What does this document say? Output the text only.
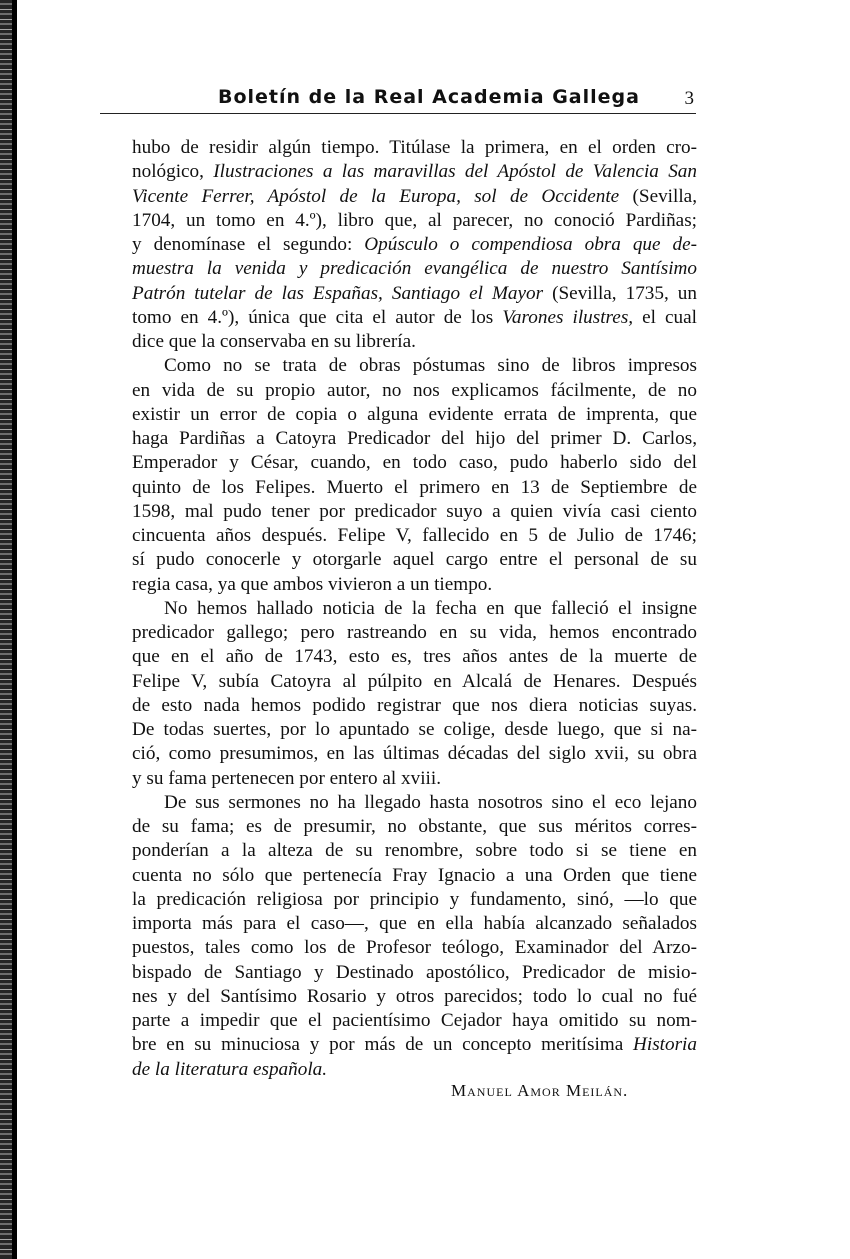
Boletín de la Real Academia Gallega 3
hubo de residir algún tiempo. Titúlase la primera, en el orden cro-
nológico, Ilustraciones a las maravillas del Apóstol de Valencia San
Vicente Ferrer, Apóstol de la Europa, sol de Occidente (Sevilla,
1704, un tomo en 4.º), libro que, al parecer, no conoció Pardiñas;
y denomínase el segundo: Opúsculo o compendiosa obra que de-
muestra la venida y predicación evangélica de nuestro Santísimo
Patrón tutelar de las Españas, Santiago el Mayor (Sevilla, 1735, un
tomo en 4.º), única que cita el autor de los Varones ilustres, el cual
dice que la conservaba en su librería.
Como no se trata de obras póstumas sino de libros impresos
en vida de su propio autor, no nos explicamos fácilmente, de no
existir un error de copia o alguna evidente errata de imprenta, que
haga Pardiñas a Catoyra Predicador del hijo del primer D. Carlos,
Emperador y César, cuando, en todo caso, pudo haberlo sido del
quinto de los Felipes. Muerto el primero en 13 de Septiembre de
1598, mal pudo tener por predicador suyo a quien vivía casi ciento
cincuenta años después. Felipe V, fallecido en 5 de Julio de 1746;
sí pudo conocerle y otorgarle aquel cargo entre el personal de su
regia casa, ya que ambos vivieron a un tiempo.
No hemos hallado noticia de la fecha en que falleció el insigne
predicador gallego; pero rastreando en su vida, hemos encontrado
que en el año de 1743, esto es, tres años antes de la muerte de
Felipe V, subía Catoyra al púlpito en Alcalá de Henares. Después
de esto nada hemos podido registrar que nos diera noticias suyas.
De todas suertes, por lo apuntado se colige, desde luego, que si na-
ció, como presumimos, en las últimas décadas del siglo xvii, su obra
y su fama pertenecen por entero al xviii.
De sus sermones no ha llegado hasta nosotros sino el eco lejano
de su fama; es de presumir, no obstante, que sus méritos corres-
ponderían a la alteza de su renombre, sobre todo si se tiene en
cuenta no sólo que pertenecía Fray Ignacio a una Orden que tiene
la predicación religiosa por principio y fundamento, sinó, —lo que
importa más para el caso—, que en ella había alcanzado señalados
puestos, tales como los de Profesor teólogo, Examinador del Arzo-
bispado de Santiago y Destinado apostólico, Predicador de misio-
nes y del Santísimo Rosario y otros parecidos; todo lo cual no fué
parte a impedir que el pacientísimo Cejador haya omitido su nom-
bre en su minuciosa y por más de un concepto meritísima Historia
de la literatura española.
Manuel Amor Meilán.
